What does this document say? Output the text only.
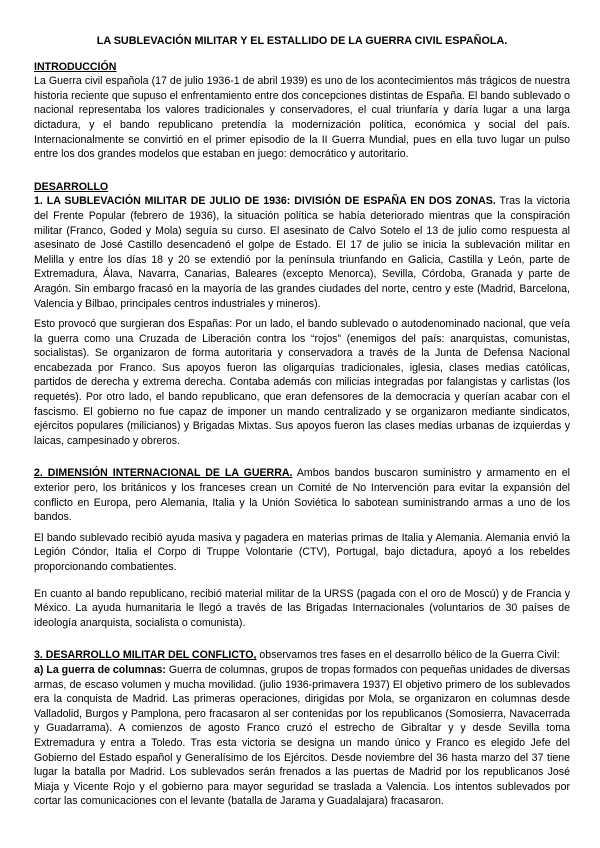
LA SUBLEVACIÓN MILITAR Y EL ESTALLIDO DE LA GUERRA CIVIL ESPAÑOLA.
INTRODUCCIÓN

La Guerra civil española (17 de julio 1936-1 de abril 1939) es uno de los acontecimientos más trágicos de nuestra historia reciente que supuso el enfrentamiento entre dos concepciones distintas de España. El bando sublevado o nacional representaba los valores tradicionales y conservadores, el cual triunfaría y daría lugar a una larga dictadura, y el bando republicano pretendía la modernización política, económica y social del país. Internacionalmente se convirtió en el primer episodio de la II Guerra Mundial, pues en ella tuvo lugar un pulso entre los dos grandes modelos que estaban en juego: democrático y autoritario.

DESARROLLO

1. LA SUBLEVACIÓN MILITAR DE JULIO DE 1936: DIVISIÓN DE ESPAÑA EN DOS ZONAS. Tras la victoria del Frente Popular (febrero de 1936), la situación política se había deteriorado mientras que la conspiración militar (Franco, Goded y Mola) seguía su curso. El asesinato de Calvo Sotelo el 13 de julio como respuesta al asesinato de José Castillo desencadenó el golpe de Estado. El 17 de julio se inicia la sublevación militar en Melilla y entre los días 18 y 20 se extendió por la península triunfando en Galicia, Castilla y León, parte de Extremadura, Álava, Navarra, Canarias, Baleares (excepto Menorca), Sevilla, Córdoba, Granada y parte de Aragón. Sin embargo fracasó en la mayoría de las grandes ciudades del norte, centro y este (Madrid, Barcelona, Valencia y Bilbao, principales centros industriales y mineros).

Esto provocó que surgieran dos Españas: Por un lado, el bando sublevado o autodenominado nacional, que veía la guerra como una Cruzada de Liberación contra los “rojos” (enemigos del país: anarquistas, comunistas, socialistas). Se organizaron de forma autoritaria y conservadora a través de la Junta de Defensa Nacional encabezada por Franco. Sus apoyos fueron las oligarquías tradicionales, iglesia, clases medias católicas, partidos de derecha y extrema derecha. Contaba además con milicias integradas por falangistas y carlistas (los requetés). Por otro lado, el bando republicano, que eran defensores de la democracia y querían acabar con el fascismo. El gobierno no fue capaz de imponer un mando centralizado y se organizaron mediante sindicatos, ejércitos populares (milicianos) y Brigadas Mixtas. Sus apoyos fueron las clases medias urbanas de izquierdas y laicas, campesinado y obreros.

2. DIMENSIÓN INTERNACIONAL DE LA GUERRA. Ambos bandos buscaron suministro y armamento en el exterior pero, los británicos y los franceses crean un Comité de No Intervención para evitar la expansión del conflicto en Europa, pero Alemania, Italia y la Unión Soviética lo sabotean suministrando armas a uno de los bandos.

El bando sublevado recibió ayuda masiva y pagadera en materias primas de Italia y Alemania. Alemania envió la Legión Cóndor, Italia el Corpo di Truppe Volontarie (CTV), Portugal, bajo dictadura, apoyó a los rebeldes proporcionando combatientes.

En cuanto al bando republicano, recibió material militar de la URSS (pagada con el oro de Moscú) y de Francia y México. La ayuda humanitaria le llegó a través de las Brigadas Internacionales (voluntarios de 30 países de ideología anarquista, socialista o comunista).

3. DESARROLLO MILITAR DEL CONFLICTO, observamos tres fases en el desarrollo bélico de la Guerra Civil:

a) La guerra de columnas: Guerra de columnas, grupos de tropas formados con pequeñas unidades de diversas armas, de escaso volumen y mucha movilidad. (julio 1936-primavera 1937) El objetivo primero de los sublevados era la conquista de Madrid. Las primeras operaciones, dirigidas por Mola, se organizaron en columnas desde Valladolid, Burgos y Pamplona, pero fracasaron al ser contenidas por los republicanos (Somosierra, Navacerrada y Guadarrama). A comienzos de agosto Franco cruzó el estrecho de Gibraltar y y desde Sevilla toma Extremadura y entra a Toledo. Tras esta victoria se designa un mando único y Franco es elegido Jefe del Gobierno del Estado español y Generalísimo de los Ejércitos. Desde noviembre del 36 hasta marzo del 37 tiene lugar la batalla por Madrid. Los sublevados serán frenados a las puertas de Madrid por los republicanos José Miaja y Vicente Rojo y el gobierno para mayor seguridad se traslada a Valencia. Los intentos sublevados por cortar las comunicaciones con el levante (batalla de Jarama y Guadalajara) fracasaron.
